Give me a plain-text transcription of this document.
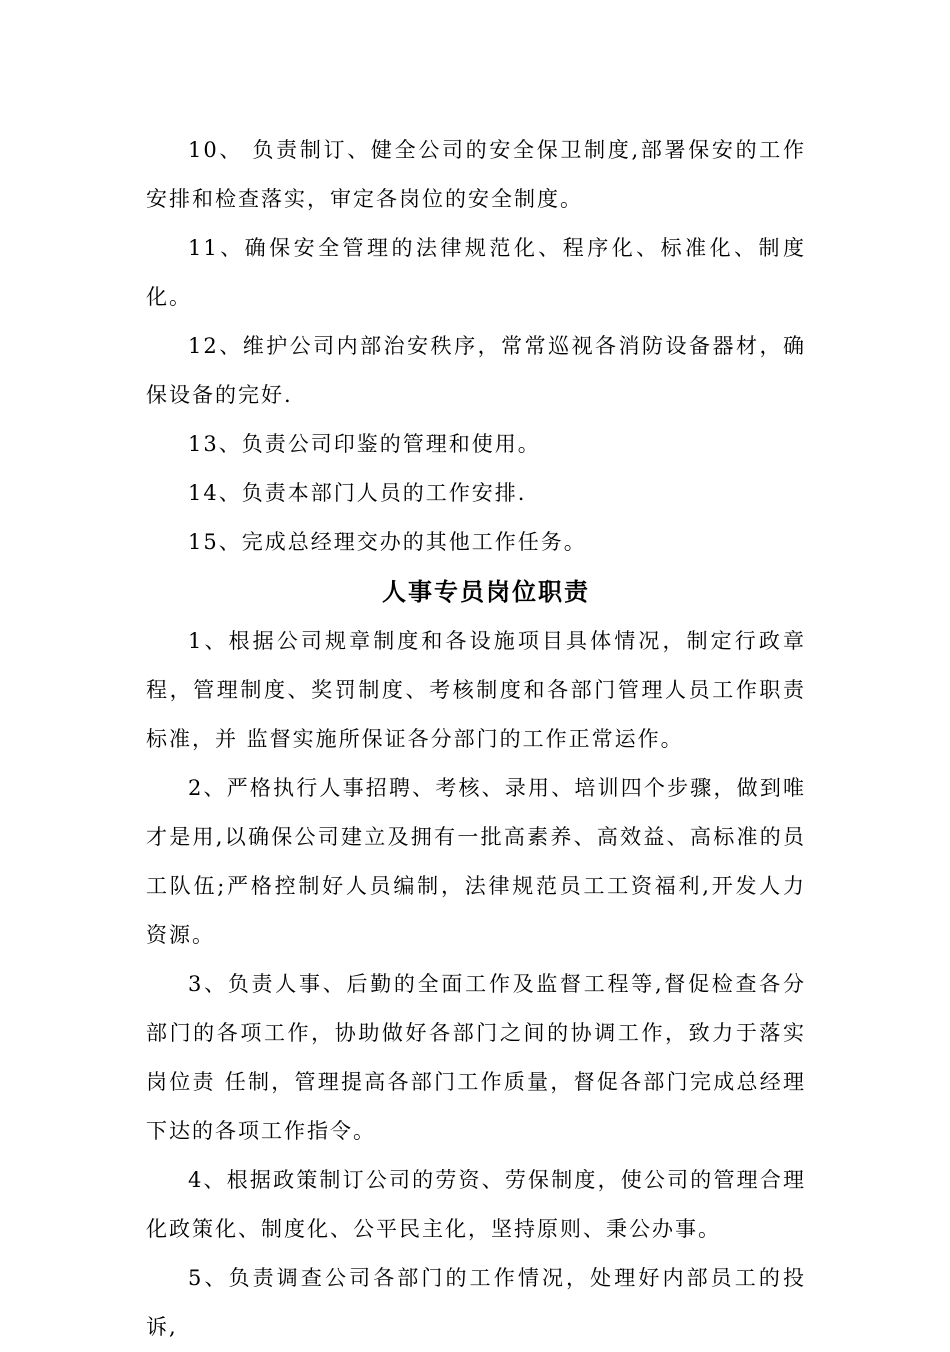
10、 负责制订、健全公司的安全保卫制度,部署保安的工作安排和检查落实，审定各岗位的安全制度。

11、确保安全管理的法律规范化、程序化、标准化、制度化。

12、维护公司内部治安秩序，常常巡视各消防设备器材，确保设备的完好.

13、负责公司印鉴的管理和使用。

14、负责本部门人员的工作安排.

15、完成总经理交办的其他工作任务。

人事专员岗位职责

1、根据公司规章制度和各设施项目具体情况，制定行政章程，管理制度、奖罚制度、考核制度和各部门管理人员工作职责标准，并 监督实施所保证各分部门的工作正常运作。

2、严格执行人事招聘、考核、录用、培训四个步骤，做到唯才是用,以确保公司建立及拥有一批高素养、高效益、高标准的员工队伍;严格控制好人员编制，法律规范员工工资福利,开发人力资源。

3、负责人事、后勤的全面工作及监督工程等,督促检查各分部门的各项工作，协助做好各部门之间的协调工作，致力于落实岗位责 任制，管理提高各部门工作质量，督促各部门完成总经理下达的各项工作指令。

4、根据政策制订公司的劳资、劳保制度，使公司的管理合理化政策化、制度化、公平民主化，坚持原则、秉公办事。

5、负责调查公司各部门的工作情况，处理好内部员工的投诉,
